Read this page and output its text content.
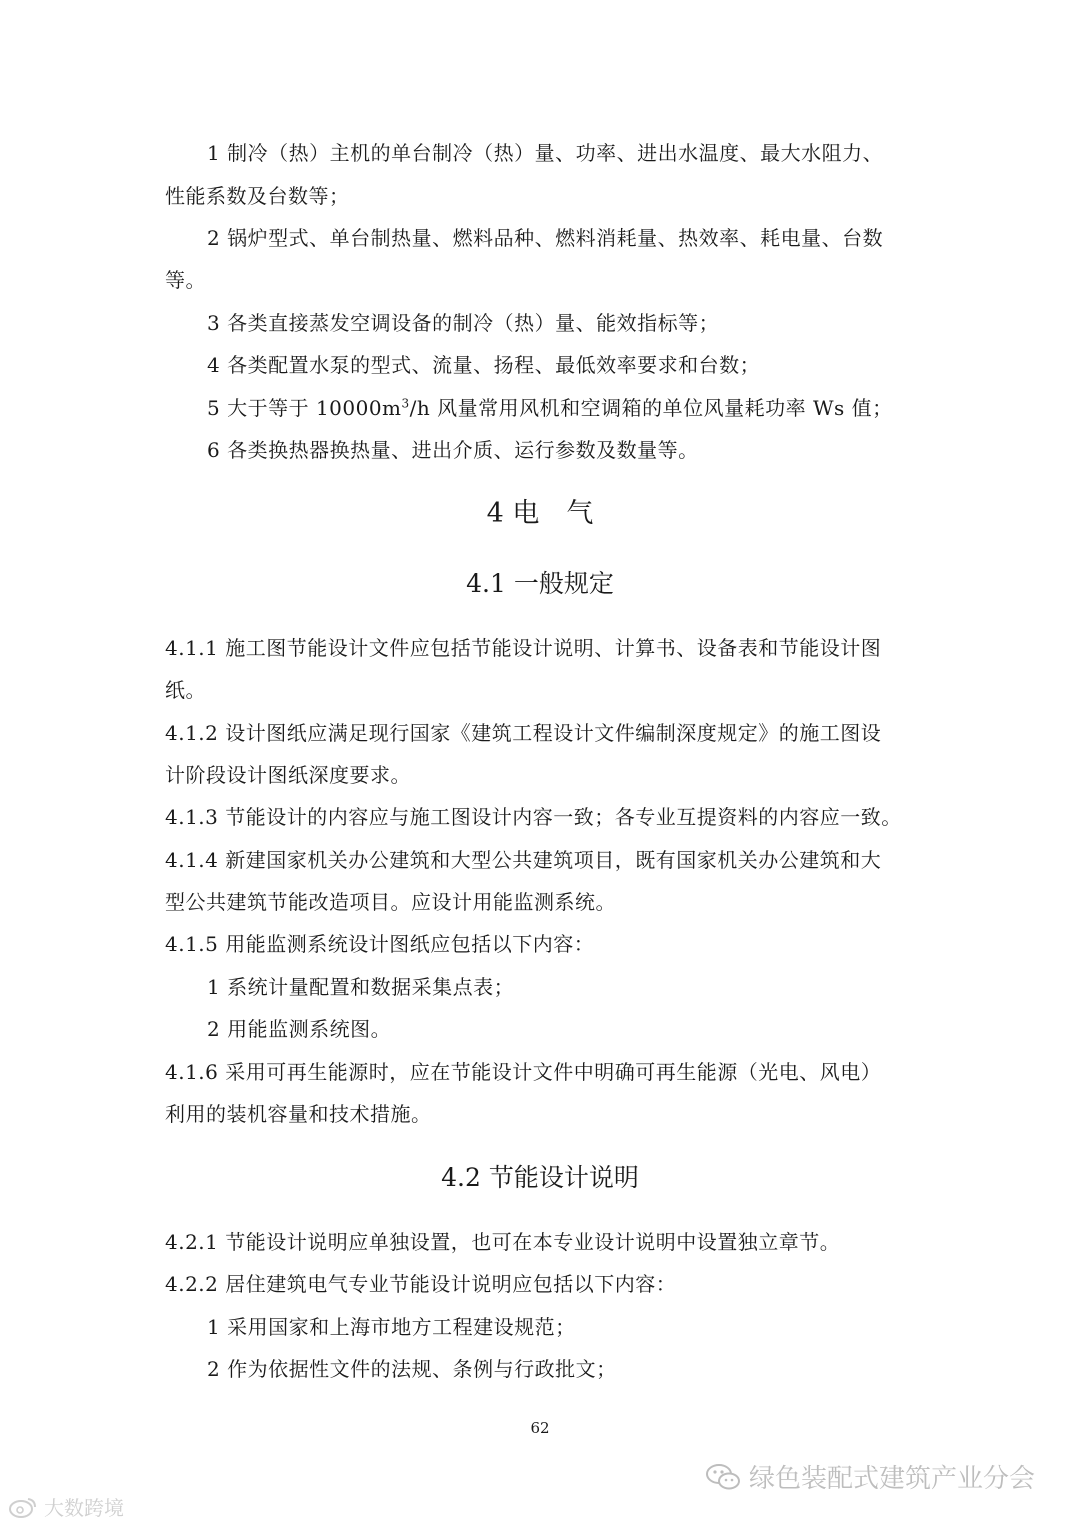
1 制冷（热）主机的单台制冷（热）量、功率、进出水温度、最大水阻力、
性能系数及台数等；
2 锅炉型式、单台制热量、燃料品种、燃料消耗量、热效率、耗电量、台数
等。
3 各类直接蒸发空调设备的制冷（热）量、能效指标等；
4 各类配置水泵的型式、流量、扬程、最低效率要求和台数；
5 大于等于 $10000m^3/h$ 风量常用风机和空调箱的单位风量耗功率 Ws 值；
6 各类换热器换热量、进出介质、运行参数及数量等。
4 电　气
4.1 一般规定
4.1.1 施工图节能设计文件应包括节能设计说明、计算书、设备表和节能设计图
纸。
4.1.2 设计图纸应满足现行国家《建筑工程设计文件编制深度规定》的施工图设
计阶段设计图纸深度要求。
4.1.3 节能设计的内容应与施工图设计内容一致；各专业互提资料的内容应一致。
4.1.4 新建国家机关办公建筑和大型公共建筑项目，既有国家机关办公建筑和大
型公共建筑节能改造项目。应设计用能监测系统。
4.1.5 用能监测系统设计图纸应包括以下内容：
1 系统计量配置和数据采集点表；
2 用能监测系统图。
4.1.6 采用可再生能源时，应在节能设计文件中明确可再生能源（光电、风电）
利用的装机容量和技术措施。
4.2 节能设计说明
4.2.1 节能设计说明应单独设置，也可在本专业设计说明中设置独立章节。
4.2.2 居住建筑电气专业节能设计说明应包括以下内容：
1 采用国家和上海市地方工程建设规范；
2 作为依据性文件的法规、条例与行政批文；
62
大数跨境
绿色装配式建筑产业分会
